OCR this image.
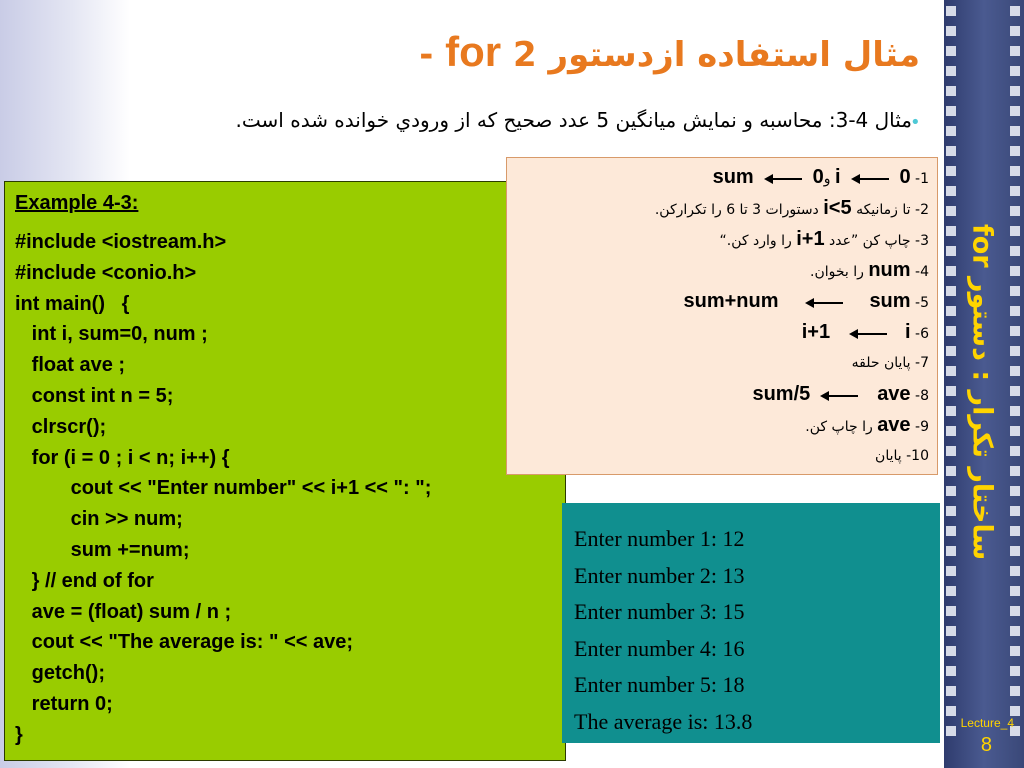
ساختار تكرار : دستور for
Lecture_4
8
مثال استفاده ازدستور for 2 -
•
مثال 4-3: محاسبه و نمايش ميانگين 5 عدد صحيح كه از ورودي خوانده شده است.
Example 4-3:
#include <iostream.h>
#include <conio.h>
int main()   {
int i, sum=0, num ;
float ave ;
const int n = 5;
clrscr();
for (i = 0 ; i < n; i++) {
cout << "Enter number" << i+1 << ": ";
cin >> num;
sum +=num;
} // end of for
ave = (float) sum / n ;
cout << "The average is: " << ave;
getch();
return 0;
}
1- 0  i و0  sum
2- تا زمانيكه i<5 دستورات 3 تا 6 را تكراركن.
3- چاپ كن ”عدد i+1 را وارد كن.“
4- num را بخوان.
5- sum+num	sum
6- i+1	i
7- پايان حلقه
8- sum/5	ave
9- ave را چاپ كن.
10- پايان
Enter number 1: 12
Enter number 2: 13
Enter number 3: 15
Enter number 4: 16
Enter number 5: 18
The average is: 13.8
